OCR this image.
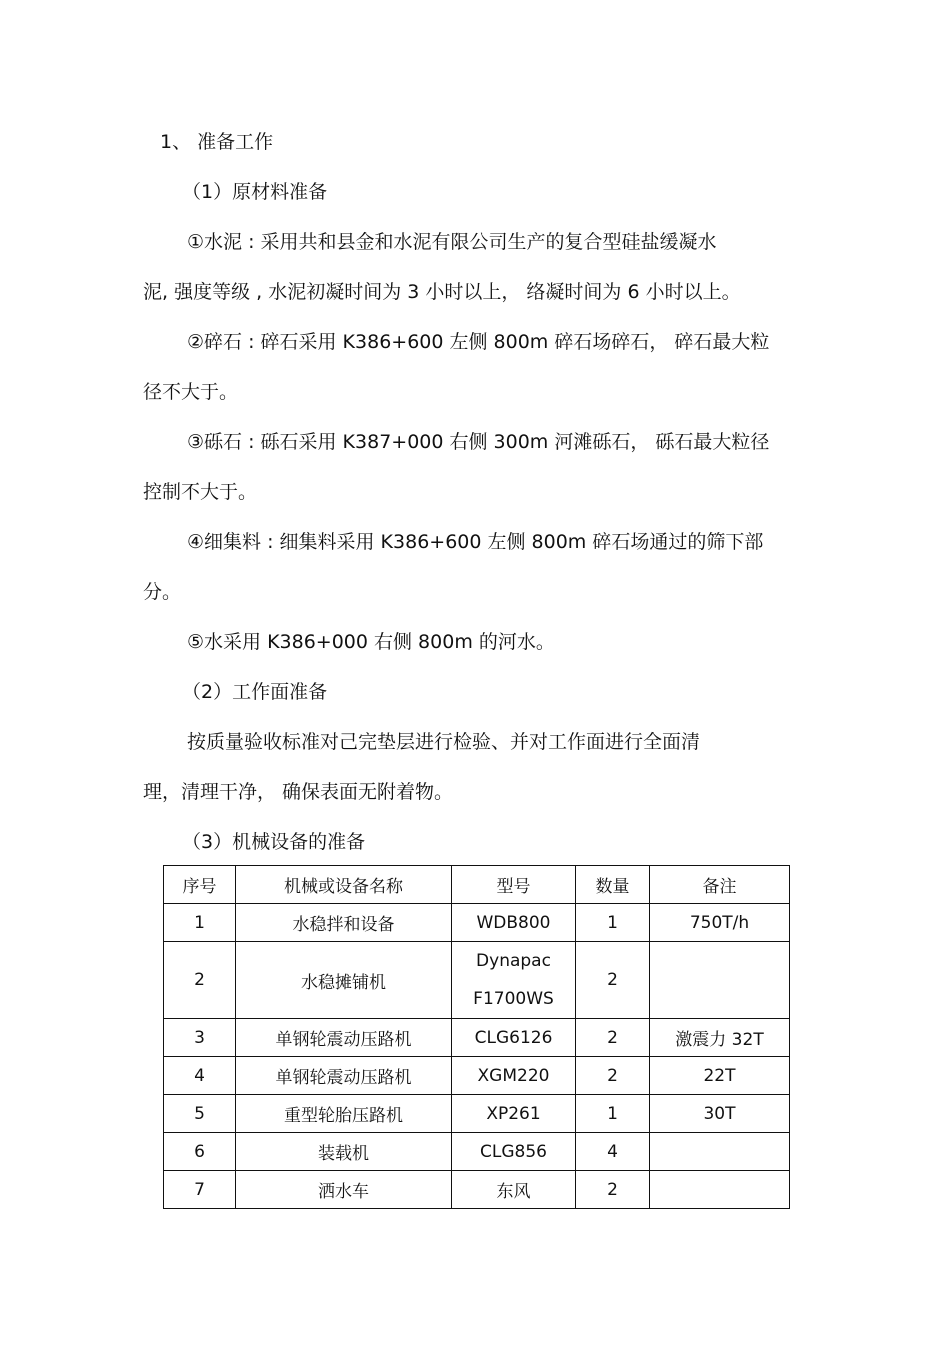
1、 准备工作
（1）原材料准备
①水泥 : 采用共和县金和水泥有限公司生产的复合型硅盐缓凝水
泥, 强度等级 , 水泥初凝时间为 3 小时以上， 络凝时间为 6 小时以上。
②碎石 : 碎石采用 K386+600 左侧 800m 碎石场碎石， 碎石最大粒
径不大于。
③砾石 : 砾石采用 K387+000 右侧 300m 河滩砾石， 砾石最大粒径
控制不大于。
④细集料 : 细集料采用 K386+600 左侧 800m 碎石场通过的筛下部
分。
⑤水采用 K386+000 右侧 800m 的河水。
（2）工作面准备
按质量验收标准对己完垫层进行检验、并对工作面进行全面清
理，清理干净， 确保表面无附着物。
（3）机械设备的准备
序号	机械或设备名称	型号	数量	备注
1	水稳拌和设备	WDB800	1	750T/h
2	水稳摊铺机	Dynapac
F1700WS	2	
3	单钢轮震动压路机	CLG6126	2	激震力 32T
4	单钢轮震动压路机	XGM220	2	22T
5	重型轮胎压路机	XP261	1	30T
6	装载机	CLG856	4	
7	洒水车	东风	2	
